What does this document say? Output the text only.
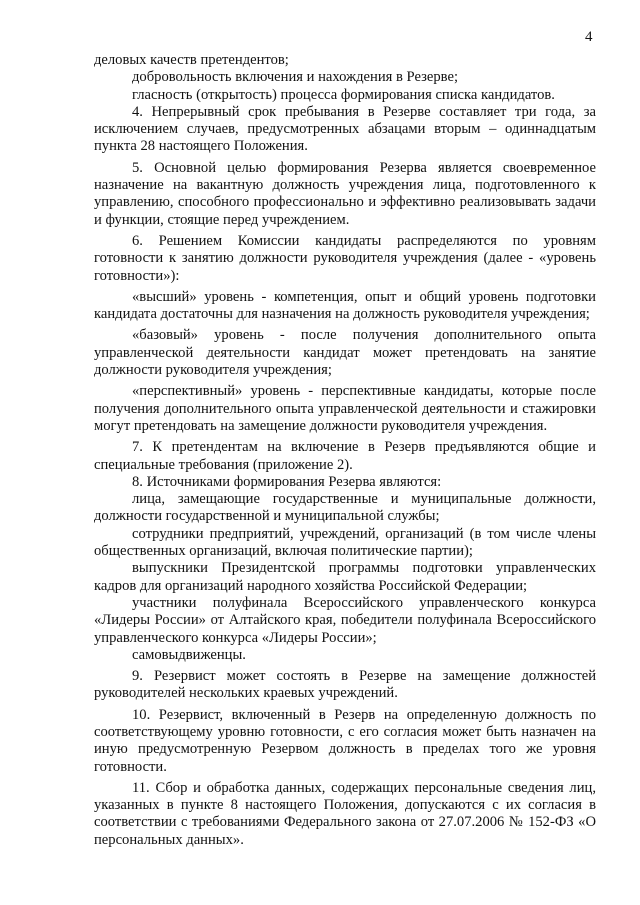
4

деловых качеств претендентов;

добровольность включения и нахождения в Резерве;

гласность (открытость) процесса формирования списка кандидатов.

4. Непрерывный срок пребывания в Резерве составляет три года, за исключением случаев, предусмотренных абзацами вторым – одиннадцатым пункта 28 настоящего Положения.

5. Основной целью формирования Резерва является своевременное назначение на вакантную должность учреждения лица, подготовленного к управлению, способного профессионально и эффективно реализовывать задачи и функции, стоящие перед учреждением.

6. Решением Комиссии кандидаты распределяются по уровням готовности к занятию должности руководителя учреждения (далее - «уровень готовности»):

«высший» уровень - компетенция, опыт и общий уровень подготовки кандидата достаточны для назначения на должность руководителя учреждения;

«базовый» уровень - после получения дополнительного опыта управленческой деятельности кандидат может претендовать на занятие должности руководителя учреждения;

«перспективный» уровень - перспективные кандидаты, которые после получения дополнительного опыта управленческой деятельности и стажировки могут претендовать на замещение должности руководителя учреждения.

7. К претендентам на включение в Резерв предъявляются общие и специальные требования (приложение 2).

8. Источниками формирования Резерва являются:

лица, замещающие государственные и муниципальные должности, должности государственной и муниципальной службы;

сотрудники предприятий, учреждений, организаций (в том числе члены общественных организаций, включая политические партии);

выпускники Президентской программы подготовки управленческих кадров для организаций народного хозяйства Российской Федерации;

участники полуфинала Всероссийского управленческого конкурса «Лидеры России» от Алтайского края, победители полуфинала Всероссийского управленческого конкурса «Лидеры России»;

самовыдвиженцы.

9. Резервист может состоять в Резерве на замещение должностей руководителей нескольких краевых учреждений.

10. Резервист, включенный в Резерв на определенную должность по соответствующему уровню готовности, с его согласия может быть назначен на иную предусмотренную Резервом должность в пределах того же уровня готовности.

11. Сбор и обработка данных, содержащих персональные сведения лиц, указанных в пункте 8 настоящего Положения, допускаются с их согласия в соответствии с требованиями Федерального закона от 27.07.2006 № 152-ФЗ «О персональных данных».
